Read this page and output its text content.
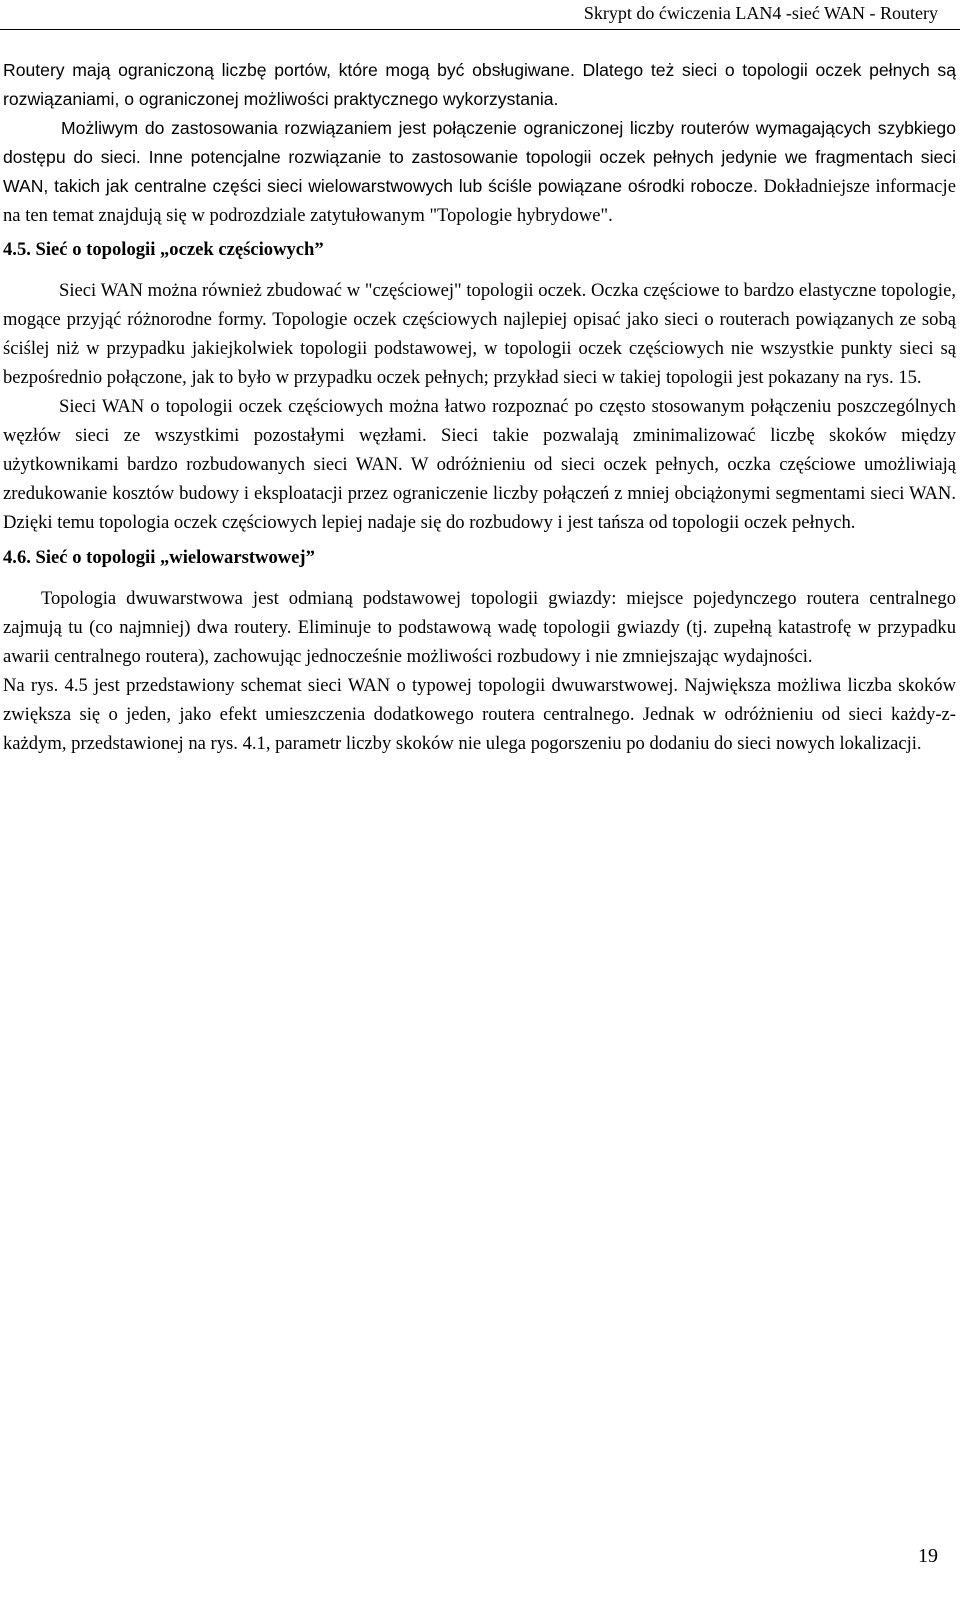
Skrypt do ćwiczenia LAN4 -sieć WAN - Routery

Routery mają ograniczoną liczbę portów, które mogą być obsługiwane. Dlatego też sieci o topologii oczek pełnych są rozwiązaniami, o ograniczonej możliwości praktycznego wykorzystania.

Możliwym do zastosowania rozwiązaniem jest połączenie ograniczonej liczby routerów wymagających szybkiego dostępu do sieci. Inne potencjalne rozwiązanie to zastosowanie topologii oczek pełnych jedynie we fragmentach sieci WAN, takich jak centralne części sieci wielowarstwowych lub ściśle powiązane ośrodki robocze. Dokładniejsze informacje na ten temat znajdują się w podrozdziale zatytułowanym "Topologie hybrydowe".

4.5. Sieć o topologii „oczek częściowych”

Sieci WAN można również zbudować w "częściowej" topologii oczek. Oczka częściowe to bardzo elastyczne topologie, mogące przyjąć różnorodne formy. Topologie oczek częściowych najlepiej opisać jako sieci o routerach powiązanych ze sobą ściślej niż w przypadku jakiejkolwiek topologii podstawowej, w topologii oczek częściowych nie wszystkie punkty sieci są bezpośrednio połączone, jak to było w przypadku oczek pełnych; przykład sieci w takiej topologii jest pokazany na rys. 15.

Sieci WAN o topologii oczek częściowych można łatwo rozpoznać po często stosowanym połączeniu poszczególnych węzłów sieci ze wszystkimi pozostałymi węzłami. Sieci takie pozwalają zminimalizować liczbę skoków między użytkownikami bardzo rozbudowanych sieci WAN. W odróżnieniu od sieci oczek pełnych, oczka częściowe umożliwiają zredukowanie kosztów budowy i eksploatacji przez ograniczenie liczby połączeń z mniej obciążonymi segmentami sieci WAN. Dzięki temu topologia oczek częściowych lepiej nadaje się do rozbudowy i jest tańsza od topologii oczek pełnych.

4.6. Sieć o topologii „wielowarstwowej”

Topologia dwuwarstwowa jest odmianą podstawowej topologii gwiazdy: miejsce pojedynczego routera centralnego zajmują tu (co najmniej) dwa routery. Eliminuje to podstawową wadę topologii gwiazdy (tj. zupełną katastrofę w przypadku awarii centralnego routera), zachowując jednocześnie możliwości rozbudowy i nie zmniejszając wydajności.

Na rys. 4.5 jest przedstawiony schemat sieci WAN o typowej topologii dwuwarstwowej. Największa możliwa liczba skoków zwiększa się o jeden, jako efekt umieszczenia dodatkowego routera centralnego. Jednak w odróżnieniu od sieci każdy-z-każdym, przedstawionej na rys. 4.1, parametr liczby skoków nie ulega pogorszeniu po dodaniu do sieci nowych lokalizacji.

19
